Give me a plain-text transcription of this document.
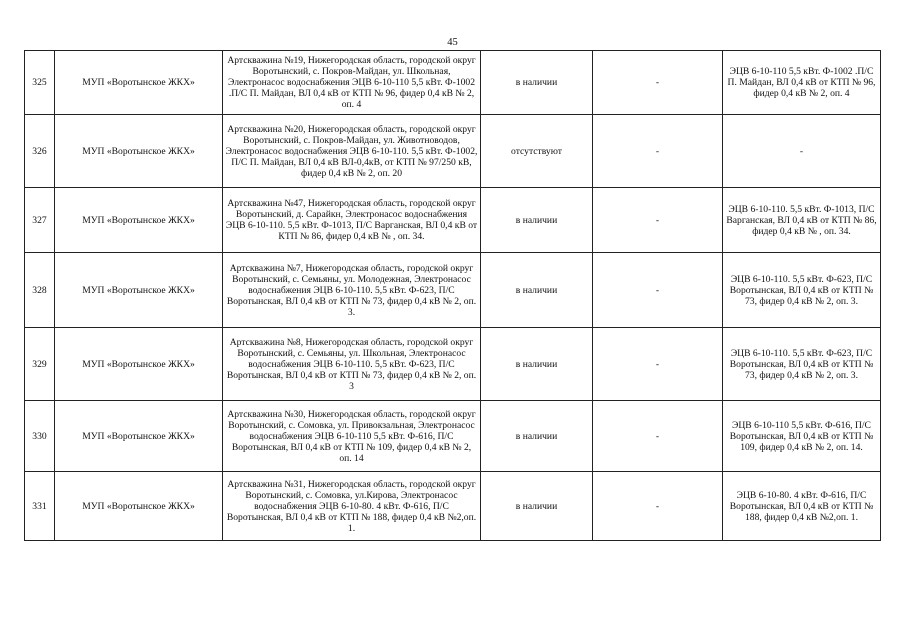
45
325	МУП «Воротынское ЖКХ»	Артскважина №19, Нижегородская область, городской округ Воротынский, с. Покров-Майдан, ул. Школьная, Электронасос водоснабжения ЭЦВ 6-10-110 5,5 кВт. Ф-1002 .П/С П. Майдан, ВЛ 0,4 кВ от КТП № 96, фидер 0,4 кВ № 2, оп. 4	в наличии	-	ЭЦВ 6-10-110 5,5 кВт. Ф-1002 .П/С П. Майдан, ВЛ 0,4 кВ от КТП № 96, фидер 0,4 кВ № 2, оп. 4
326	МУП «Воротынское ЖКХ»	Артскважина №20, Нижегородская область, городской округ Воротынский, с. Покров-Майдан, ул. Животноводов, Электронасос водоснабжения ЭЦВ 6-10-110. 5,5 кВт. Ф-1002, П/С П. Майдан, ВЛ 0,4 кВ ВЛ-0,4кВ, от КТП № 97/250 кВ, фидер 0,4 кВ № 2, оп. 20	отсутствуют	-	-
327	МУП «Воротынское ЖКХ»	Артскважина №47, Нижегородская область, городской округ Воротынский, д. Сарайкн, Электронасос водоснабжения ЭЦВ 6-10-110. 5,5 кВт. Ф-1013, П/С Варганская, ВЛ 0,4 кВ от КТП № 86, фидер 0,4 кВ № , оп. 34.	в наличии	-	ЭЦВ 6-10-110. 5,5 кВт. Ф-1013, П/С Варганская, ВЛ 0,4 кВ от КТП № 86, фидер 0,4 кВ № , оп. 34.
328	МУП «Воротынское ЖКХ»	Артскважина №7, Нижегородская область, городской округ Воротынский, с. Семьяны, ул. Молодежная, Электронасос водоснабжения ЭЦВ 6-10-110. 5,5 кВт. Ф-623, П/С Воротынская, ВЛ 0,4 кВ от КТП № 73, фидер 0,4 кВ № 2, оп. 3.	в наличии	-	ЭЦВ 6-10-110. 5,5 кВт. Ф-623, П/С Воротынская, ВЛ 0,4 кВ от КТП № 73, фидер 0,4 кВ № 2, оп. 3.
329	МУП «Воротынское ЖКХ»	Артскважина №8, Нижегородская область, городской округ Воротынский, с. Семьяны, ул. Школьная, Электронасос водоснабжения ЭЦВ 6-10-110. 5,5 кВт. Ф-623, П/С Воротынская, ВЛ 0,4 кВ от КТП № 73, фидер 0,4 кВ № 2, оп. 3	в наличии	-	ЭЦВ 6-10-110. 5,5 кВт. Ф-623, П/С Воротынская, ВЛ 0,4 кВ от КТП № 73, фидер 0,4 кВ № 2, оп. 3.
330	МУП «Воротынское ЖКХ»	Артскважина №30, Нижегородская область, городской округ Воротынский, с. Сомовка, ул. Привокзальная, Электронасос водоснабжения ЭЦВ 6-10-110 5,5 кВт. Ф-616, П/С Воротынская, ВЛ 0,4 кВ от КТП № 109, фидер 0,4 кВ № 2, оп. 14	в наличии	-	ЭЦВ 6-10-110 5,5 кВт. Ф-616, П/С Воротынская, ВЛ 0,4 кВ от КТП № 109, фидер 0,4 кВ № 2, оп. 14.
331	МУП «Воротынское ЖКХ»	Артскважина №31, Нижегородская область, городской округ Воротынский, с. Сомовка, ул.Кирова, Электронасос водоснабжения ЭЦВ 6-10-80. 4 кВт. Ф-616, П/С Воротынская, ВЛ 0,4 кВ от КТП № 188, фидер 0,4 кВ №2,оп. 1.	в наличии	-	ЭЦВ 6-10-80. 4 кВт. Ф-616, П/С Воротынская, ВЛ 0,4 кВ от КТП № 188, фидер 0,4 кВ №2,оп. 1.
